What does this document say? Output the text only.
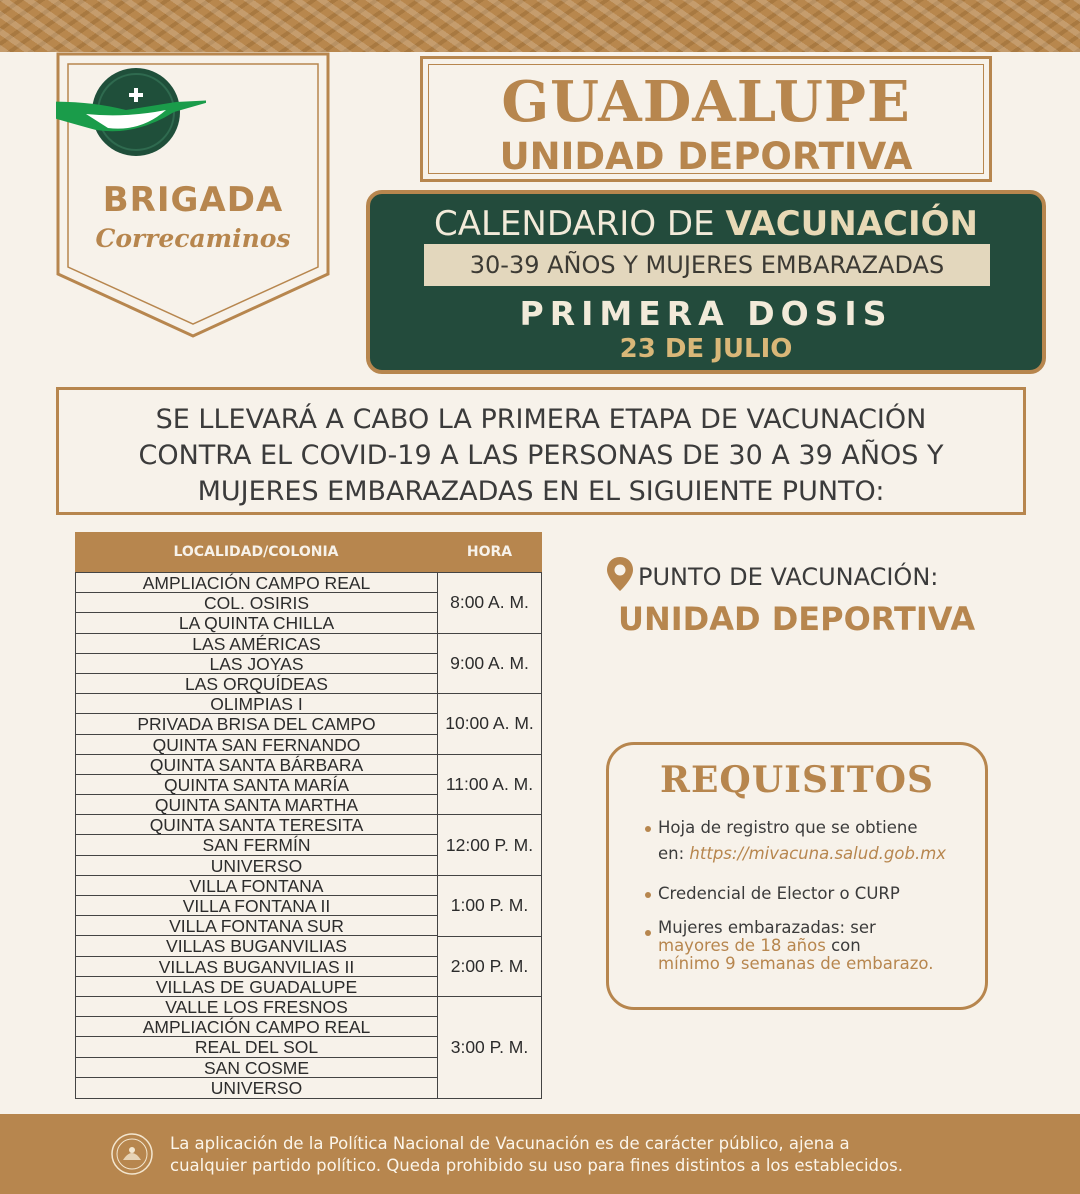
BRIGADA
Correcaminos
GUADALUPE
UNIDAD DEPORTIVA
CALENDARIO DE VACUNACIÓN
30-39 AÑOS Y MUJERES EMBARAZADAS
PRIMERA DOSIS
23 DE JULIO

SE LLEVARÁ A CABO LA PRIMERA ETAPA DE VACUNACIÓN
CONTRA EL COVID-19 A LAS PERSONAS DE 30 A 39 AÑOS Y
MUJERES EMBARAZADAS EN EL SIGUIENTE PUNTO:

LOCALIDAD/COLONIA	HORA
AMPLIACIÓN CAMPO REAL
COL. OSIRIS
LA QUINTA CHILLA
LAS AMÉRICAS
LAS JOYAS
LAS ORQUÍDEAS
OLIMPIAS I
PRIVADA BRISA DEL CAMPO
QUINTA SAN FERNANDO
QUINTA SANTA BÁRBARA
QUINTA SANTA MARÍA
QUINTA SANTA MARTHA
QUINTA SANTA TERESITA
SAN FERMÍN
UNIVERSO
VILLA FONTANA
VILLA FONTANA II
VILLA FONTANA SUR
VILLAS BUGANVILIAS
VILLAS BUGANVILIAS II
VILLAS DE GUADALUPE
VALLE LOS FRESNOS
AMPLIACIÓN CAMPO REAL
REAL DEL SOL
SAN COSME
UNIVERSO
8:00 A. M.
9:00 A. M.
10:00 A. M.
11:00 A. M.
12:00 P. M.
1:00 P. M.
2:00 P. M.
3:00 P. M.
PUNTO DE VACUNACIÓN:
UNIDAD DEPORTIVA
REQUISITOS
Hoja de registro que se obtiene
en: https://mivacuna.salud.gob.mx
Credencial de Elector o CURP
Mujeres embarazadas: ser
mayores de 18 años con
mínimo 9 semanas de embarazo.

La aplicación de la Política Nacional de Vacunación es de carácter público, ajena a
cualquier partido político. Queda prohibido su uso para fines distintos a los establecidos.
